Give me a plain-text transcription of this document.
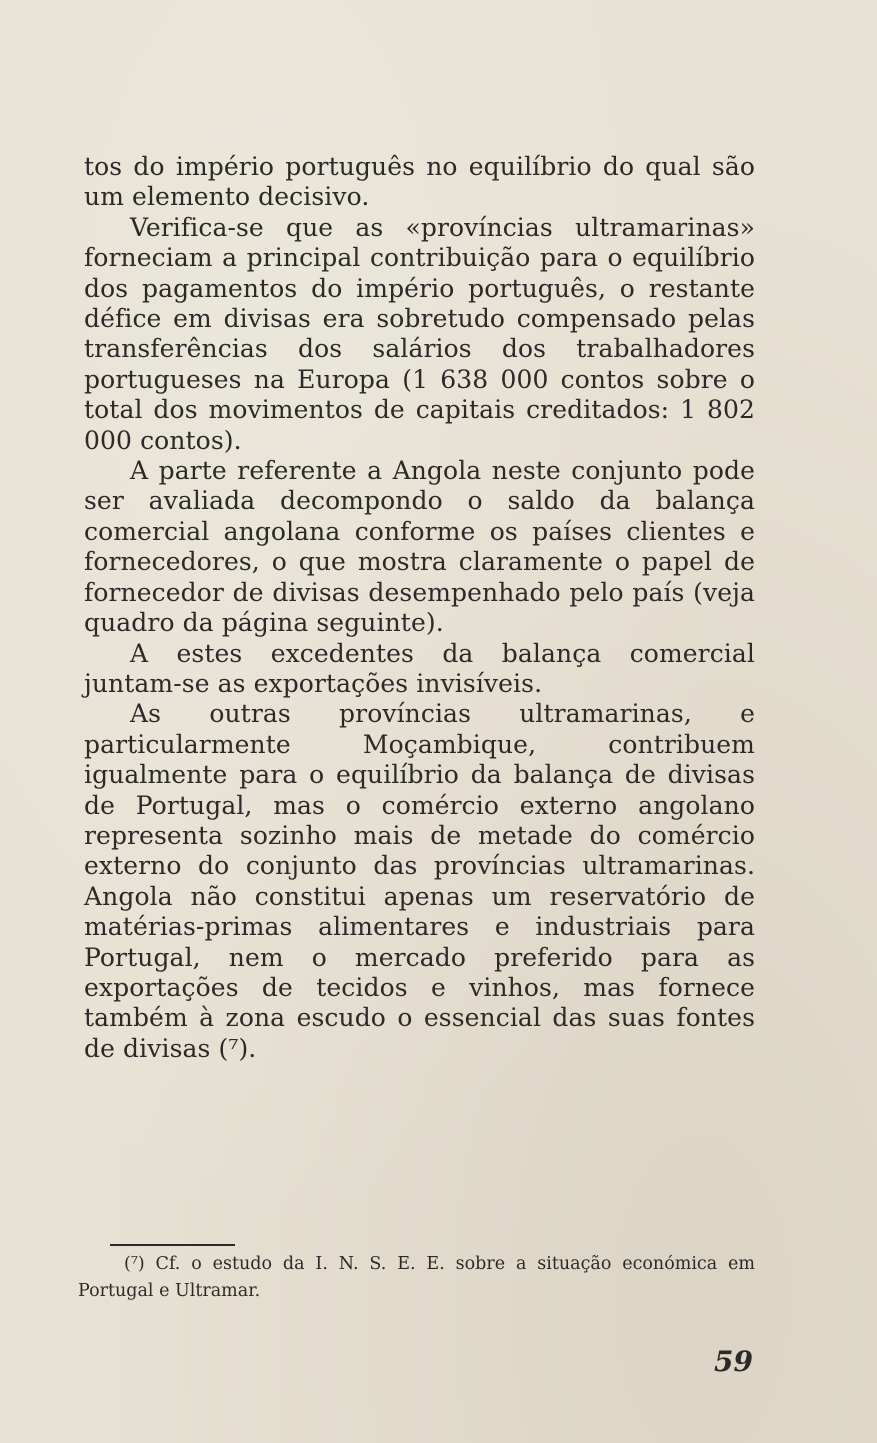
tos do império português no equilíbrio do qual são um elemento decisivo.

Verifica-se que as «províncias ultramarinas» forneciam a principal contribuição para o equilíbrio dos pagamentos do império português, o restante défice em divisas era sobretudo compensado pelas transferências dos salários dos trabalhadores portugueses na Europa (1 638 000 contos sobre o total dos movimentos de capitais creditados: 1 802 000 contos).

A parte referente a Angola neste conjunto pode ser avaliada decompondo o saldo da balança comercial angolana conforme os países clientes e fornecedores, o que mostra claramente o papel de fornecedor de divisas desempenhado pelo país (veja quadro da página seguinte).

A estes excedentes da balança comercial juntam-se as exportações invisíveis.

As outras províncias ultramarinas, e particularmente Moçambique, contribuem igualmente para o equilíbrio da balança de divisas de Portugal, mas o comércio externo angolano representa sozinho mais de metade do comércio externo do conjunto das províncias ultramarinas. Angola não constitui apenas um reservatório de matérias-primas alimentares e industriais para Portugal, nem o mercado preferido para as exportações de tecidos e vinhos, mas fornece também à zona escudo o essencial das suas fontes de divisas (⁷).

(⁷) Cf. o estudo da I. N. S. E. E. sobre a situação económica em Portugal e Ultramar.

59
